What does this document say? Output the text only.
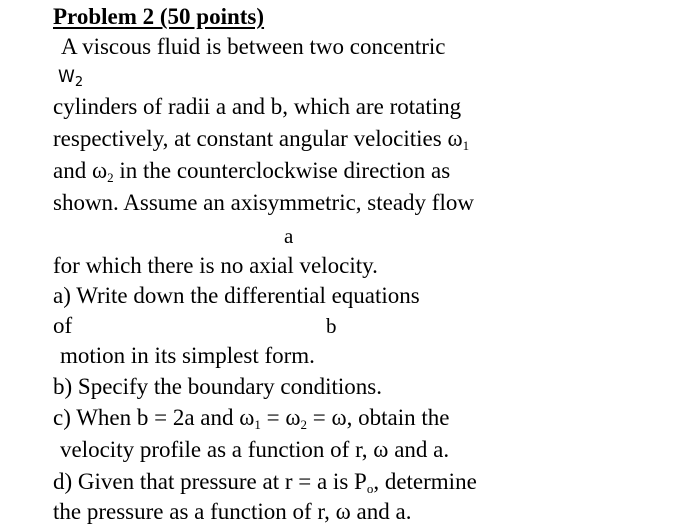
Problem 2 (50 points)
A viscous fluid is between two concentric
$W_2$
cylinders of radii a and b, which are rotating
respectively, at constant angular velocities $\omega_1$
and $\omega_2$ in the counterclockwise direction as
shown. Assume an axisymmetric, steady flow
a
for which there is no axial velocity.
a) Write down the differential equations
of	b
motion in its simplest form.
b) Specify the boundary conditions.
c) When b = 2a and $\omega_1 = \omega_2 = \omega$, obtain the
velocity profile as a function of r, ω and a.
d) Given that pressure at r = a is $P_o$, determine
the pressure as a function of r, ω and a.
